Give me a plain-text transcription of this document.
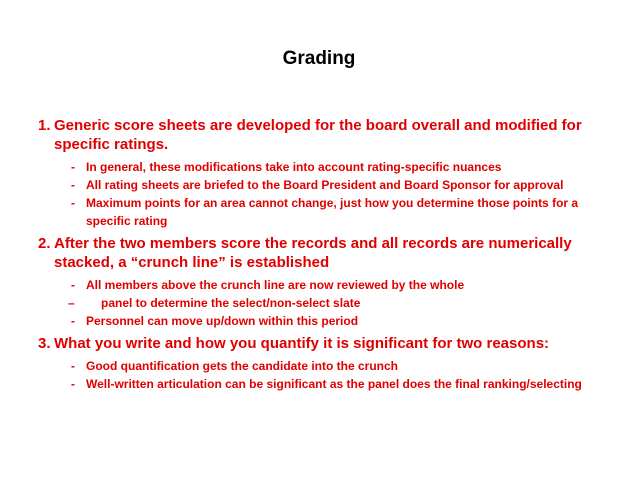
Grading
1. Generic score sheets are developed for the board overall and modified for specific ratings.
- In general, these modifications take into account rating-specific nuances
- All rating sheets are briefed to the Board President and Board Sponsor for approval
- Maximum points for an area cannot change, just how you determine those points for a specific rating
2. After the two members score the records and all records are numerically stacked, a “crunch line” is established
- All members above the crunch line are now reviewed by the whole
–	panel to determine the select/non-select slate
- Personnel can move up/down within this period
3. What you write and how you quantify it is significant for two reasons:
- Good quantification gets the candidate into the crunch
- Well-written articulation can be significant as the panel does the final ranking/selecting
